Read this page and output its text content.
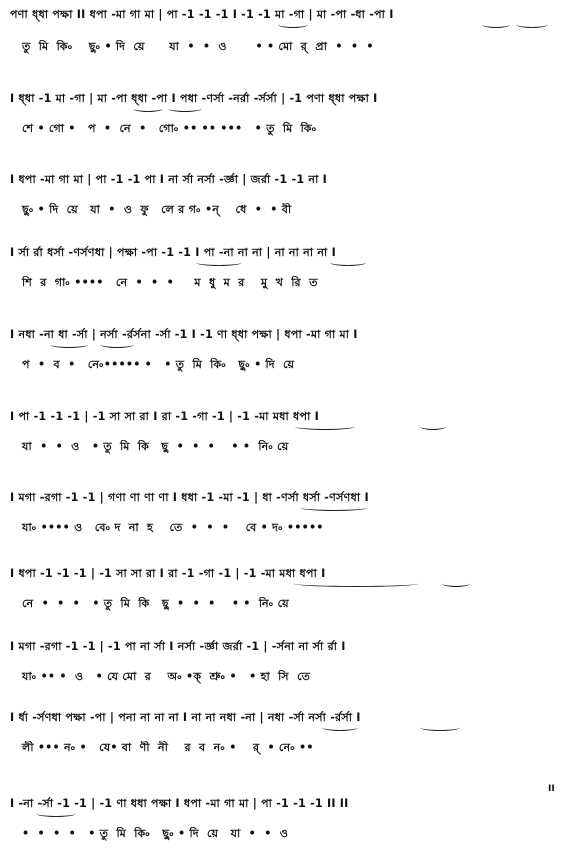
পণা ধ্ধা পক্ষা II ধপা -মা গা মা | পা -1 -1 -1 I -1 -1 মা -গা | মা -পা -ধা -পা I
তু  মি  কি৹    ছু৹ • দি  য়ে      যা  •  •  ও       • • মো  র্  প্রা  •  •  •
I ধ্ধা -1 মা -গা | মা -পা ধ্ধা -পা I পধা -ণর্সা -নর্রা -র্সর্সা | -1 পণা ধ্ধা পক্ষা I
শে • গো •   প  •  নে  •   গো৹ •• •• •••   • তু  মি  কি৹
I ধপা -মা গা মা | পা -1 -1 পা I না র্সা নর্সা -র্জ্ঞা | জর্রা -1 -1 না I
ছু৹ • দি  য়ে   যা  •  ও  ফু   লে র গ৹ •ন্    ধে  •  • বী
I র্সা র্রা ধর্সা -ণর্সণধা | পক্ষা -পা -1 -1 I পা -না না না | না না না না I
শি  র  গা৹ ••••   নে  •  •  •     ম  ধু  ম  র    মু  খ  রি  ত
I নধা -না ধা -র্সা | নর্সা -র্রর্সনা -র্সা -1 I -1 ণা ধ্ধা পক্ষা | ধপা -মা গা মা I
প  •  ব  •   নে৹••••• •   • তু  মি  কি৹   ছু৹ • দি  য়ে
I পা -1 -1 -1 | -1 সা সা রা I রা -1 -গা -1 | -1 -মা মধা ধপা I
যা  •  •  ও   • তু  মি  কি   ছু  •  •  •    • •  নি৹ য়ে
I মগা -রগা -1 -1 | গণা ণা ণা ণা I ধধা -1 -মা -1 | ধা -ণর্সা ধর্সা -ণর্সণধা I
যা৹ •••• ও   বে৹ দ  না  হ    তে  •  •  •    বে • দ৹ •••••
I ধপা -1 -1 -1 | -1 সা সা রা I রা -1 -গা -1 | -1 -মা মধা ধপা I
নে  •  •  •   • তু  মি  কি   ছু  •  •  •    • •  নি৹ য়ে
I মগা -রগা -1 -1 | -1 পা না র্সা I নর্সা -র্জ্ঞা জর্রা -1 | -র্সনা না র্সা র্রা I
যা৹ •• •  ও   • যে মো  র    অ৹ •ক্  শ্রু৹ •   • হা  সি  তে
I র্ধা -র্সণধা পক্ষা -পা | পনা না না না I না না নধা -না | নধা -র্সা নর্সা -র্রর্সা I
লী ••• ন৹ •   যে• বা  ণী  নী    র  ব  ন৹ •    র্  • নে৹ ••
II
I -না -র্সা -1 -1 | -1 ণা ধধা পক্ষা I ধপা -মা গা মা | পা -1 -1 -1 II II
•  •  •  •   • তু  মি  কি৹   ছু৹ • দি  য়ে   যা  •  •  ও
